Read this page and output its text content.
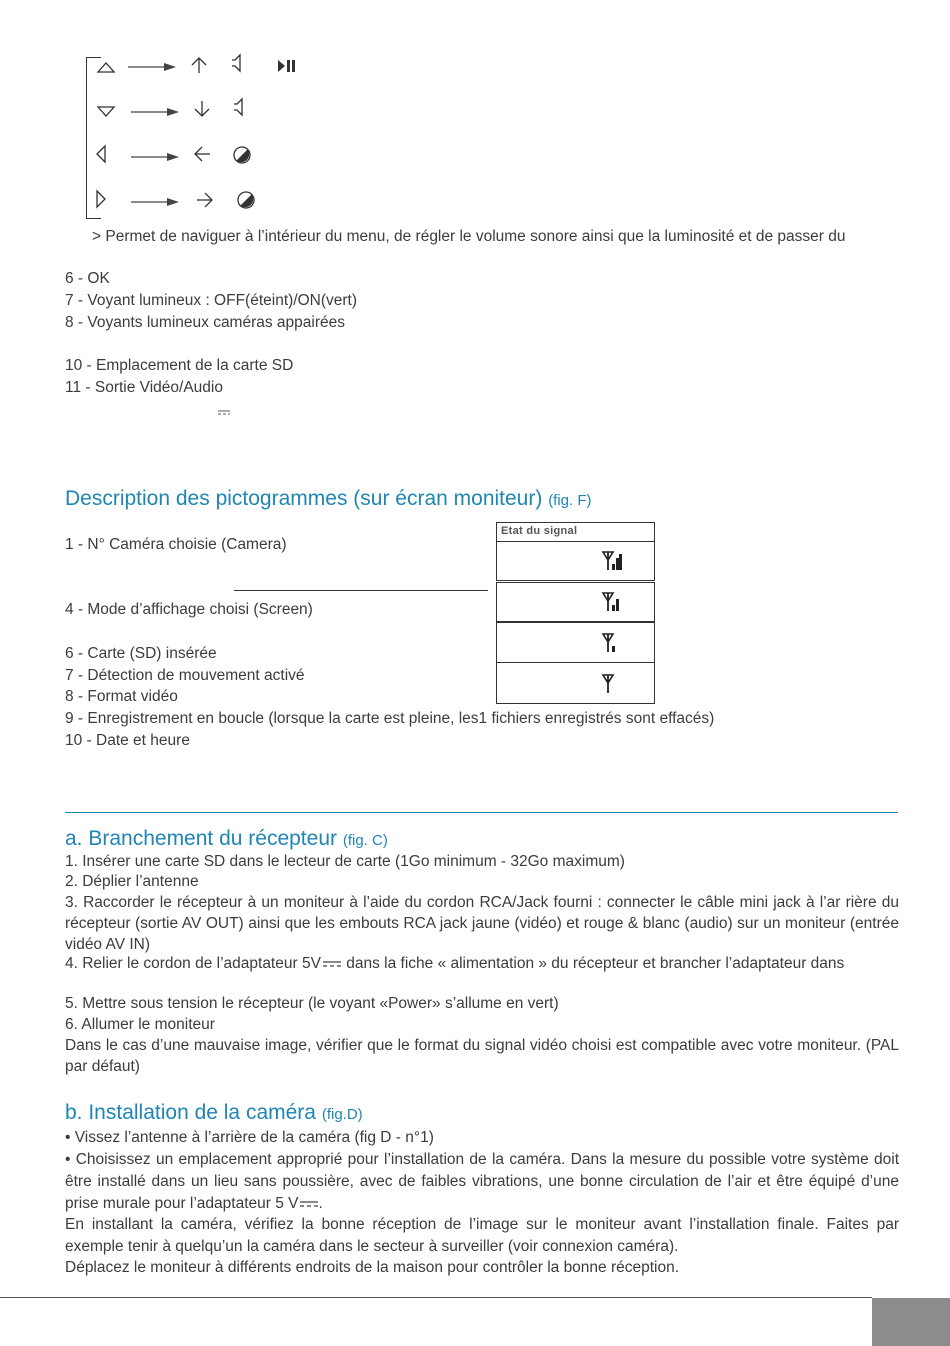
> Permet de naviguer à l’intérieur du menu, de régler le volume sonore ainsi que la luminosité et de passer du
6 - OK
7 - Voyant lumineux : OFF(éteint)/ON(vert)
8 - Voyants lumineux caméras appairées
10 - Emplacement de la carte SD
11 - Sortie Vidéo/Audio
Description des pictogrammes (sur écran moniteur) (fig. F)
1 - N° Caméra choisie (Camera)
4 - Mode d’affichage choisi (Screen)
6 - Carte (SD) insérée
7 - Détection de mouvement activé
8 - Format vidéo
9 - Enregistrement en boucle (lorsque la carte est pleine, les1 fichiers enregistrés sont effacés)
10 - Date et heure
Etat du signal
a. Branchement du récepteur (fig. C)
1. Insérer une carte SD dans le lecteur de carte (1Go minimum - 32Go maximum)
2. Déplier l’antenne
3. Raccorder le récepteur à un moniteur à l’aide du cordon RCA/Jack fourni : connecter le câble mini jack à l’ar rière du récepteur (sortie AV OUT) ainsi que les embouts RCA jack jaune (vidéo) et rouge & blanc (audio) sur un moniteur (entrée vidéo AV IN)
4. Relier le cordon de l’adaptateur 5V dans la fiche « alimentation » du récepteur et brancher l’adaptateur dans
5. Mettre sous tension le récepteur (le voyant «Power» s’allume en vert)
6. Allumer le moniteur
Dans le cas d’une mauvaise image, vérifier que le format du signal vidéo choisi est compatible avec votre moniteur. (PAL par défaut)
b. Installation de la caméra (fig.D)
• Vissez l’antenne à l’arrière de la caméra (fig D - n°1)
• Choisissez un emplacement approprié pour l’installation de la caméra. Dans la mesure du possible votre système doit être installé dans un lieu sans poussière, avec de faibles vibrations, une bonne circulation de l’air et être équipé d’une prise murale pour l’adaptateur 5 V .
En installant la caméra, vérifiez la bonne réception de l’image sur le moniteur avant l’installation finale. Faites par exemple tenir à quelqu’un la caméra dans le secteur à surveiller (voir connexion caméra).
Déplacez le moniteur à différents endroits de la maison pour contrôler la bonne réception.
